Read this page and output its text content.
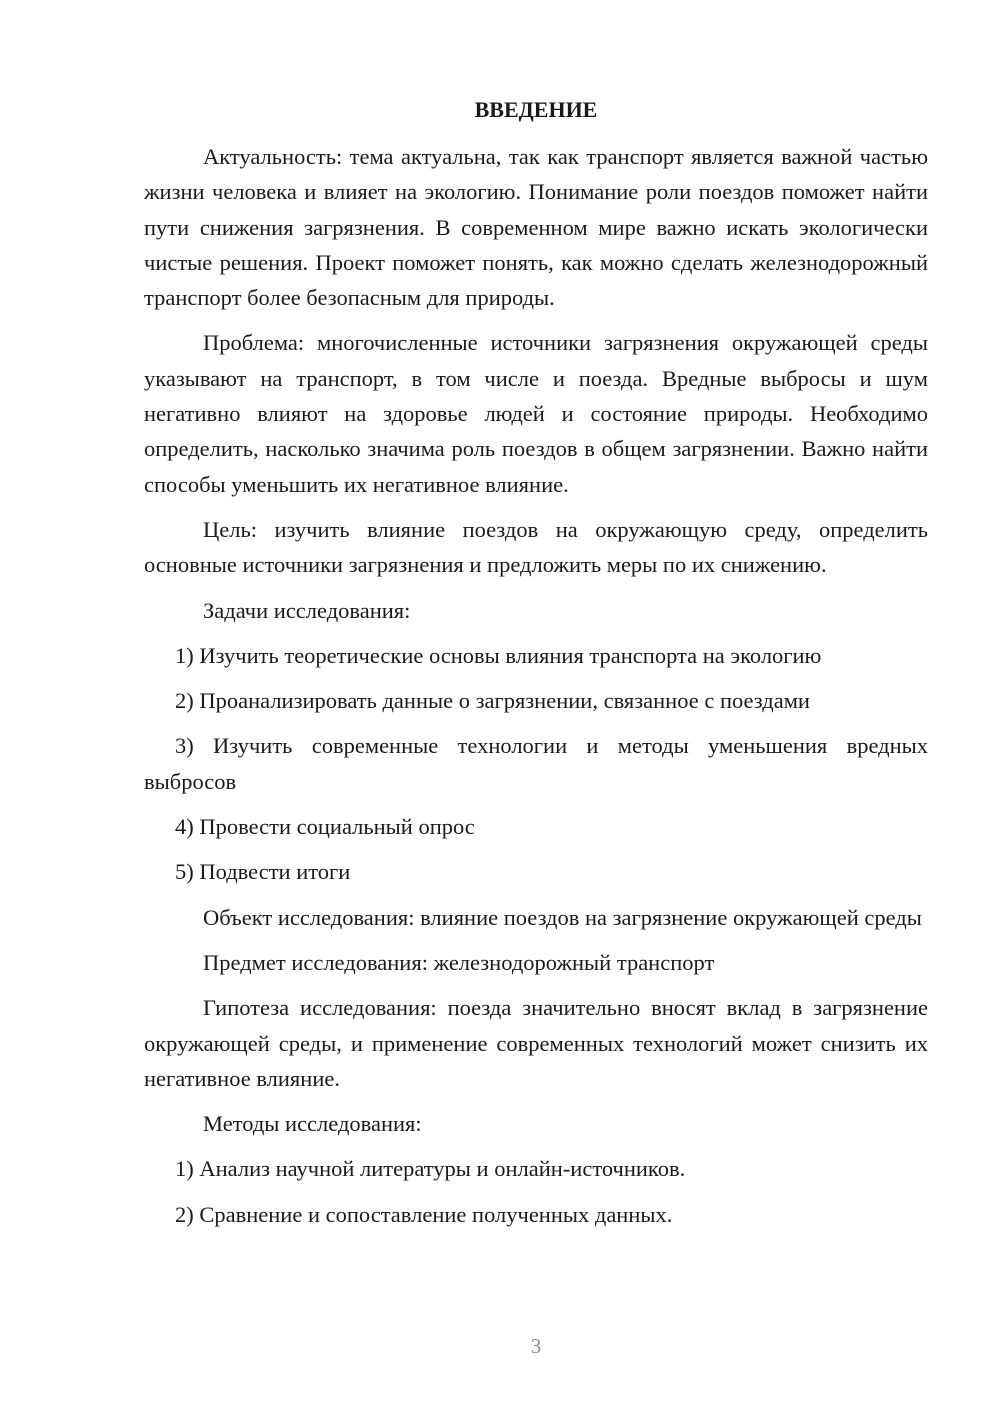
ВВЕДЕНИЕ

Актуальность: тема актуальна, так как транспорт является важной частью жизни человека и влияет на экологию. Понимание роли поездов поможет найти пути снижения загрязнения. В современном мире важно искать экологически чистые решения. Проект поможет понять, как можно сделать железнодорожный транспорт более безопасным для природы.

Проблема: многочисленные источники загрязнения окружающей среды указывают на транспорт, в том числе и поезда. Вредные выбросы и шум негативно влияют на здоровье людей и состояние природы. Необходимо определить, насколько значима роль поездов в общем загрязнении. Важно найти способы уменьшить их негативное влияние.

Цель: изучить влияние поездов на окружающую среду, определить основные источники загрязнения и предложить меры по их снижению.

Задачи исследования:

1) Изучить теоретические основы влияния транспорта на экологию

2) Проанализировать данные о загрязнении, связанное с поездами

3) Изучить современные технологии и методы уменьшения вредных выбросов

4) Провести социальный опрос

5) Подвести итоги

Объект исследования: влияние поездов на загрязнение окружающей среды

Предмет исследования: железнодорожный транспорт

Гипотеза исследования: поезда значительно вносят вклад в загрязнение окружающей среды, и применение современных технологий может снизить их негативное влияние.

Методы исследования:

1) Анализ научной литературы и онлайн-источников.

2) Сравнение и сопоставление полученных данных.

3
